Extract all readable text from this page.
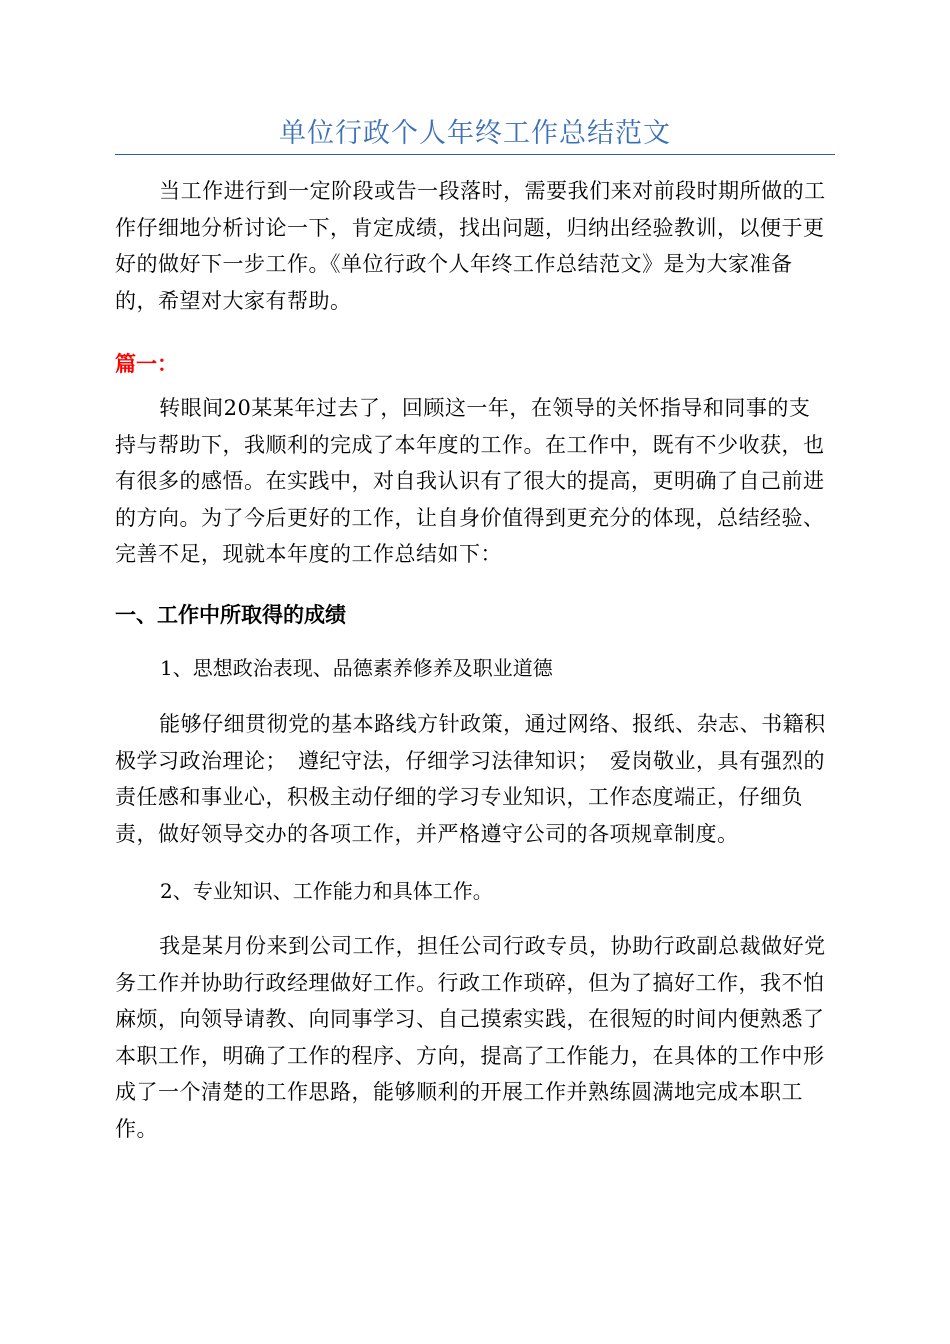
单位行政个人年终工作总结范文

当工作进行到一定阶段或告一段落时，需要我们来对前段时期所做的工作仔细地分析讨论一下，肯定成绩，找出问题，归纳出经验教训，以便于更好的做好下一步工作。《单位行政个人年终工作总结范文》是为大家准备的，希望对大家有帮助。

篇一：

转眼间20某某年过去了，回顾这一年，在领导的关怀指导和同事的支持与帮助下，我顺利的完成了本年度的工作。在工作中，既有不少收获，也有很多的感悟。在实践中，对自我认识有了很大的提高，更明确了自己前进的方向。为了今后更好的工作，让自身价值得到更充分的体现，总结经验、完善不足，现就本年度的工作总结如下：

一、工作中所取得的成绩

1、思想政治表现、品德素养修养及职业道德

能够仔细贯彻党的基本路线方针政策，通过网络、报纸、杂志、书籍积极学习政治理论；　遵纪守法，仔细学习法律知识；　爱岗敬业，具有强烈的责任感和事业心，积极主动仔细的学习专业知识，工作态度端正，仔细负责，做好领导交办的各项工作，并严格遵守公司的各项规章制度。

2、专业知识、工作能力和具体工作。

我是某月份来到公司工作，担任公司行政专员，协助行政副总裁做好党务工作并协助行政经理做好工作。行政工作琐碎，但为了搞好工作，我不怕麻烦，向领导请教、向同事学习、自己摸索实践，在很短的时间内便熟悉了本职工作，明确了工作的程序、方向，提高了工作能力，在具体的工作中形成了一个清楚的工作思路，能够顺利的开展工作并熟练圆满地完成本职工作。
